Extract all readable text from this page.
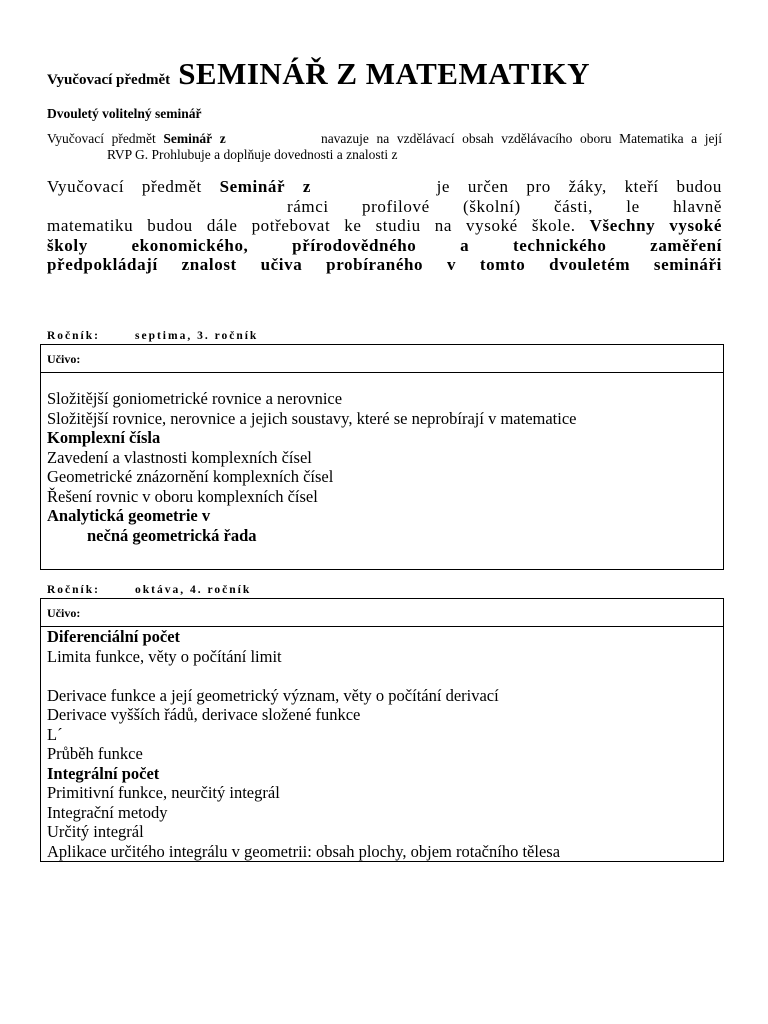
Vyučovací předmět SEMINÁŘ Z MATEMATIKY
Dvouletý volitelný seminář
Vyučovací předmět Seminář z	navazuje na vzdělávací obsah vzdělávacího oboru Matematika a její
RVP G. Prohlubuje a doplňuje dovednosti a znalosti z
Vyučovací předmět Seminář z	je určen pro žáky, kteří budou
rámci profilové (školní) části, le hlavně
matematiku budou dále potřebovat ke studiu na vysoké škole. Všechny vysoké
školy ekonomického, přírodovědného a technického zaměření
předpokládají znalost učiva probíraného v tomto dvouletém semináři
Ročník:	septima, 3. ročník
Učivo:
Složitější goniometrické rovnice a nerovnice
Složitější rovnice, nerovnice a jejich soustavy, které se neprobírají v matematice
Komplexní čísla
Zavedení a vlastnosti komplexních čísel
Geometrické znázornění komplexních čísel
Řešení rovnic v oboru komplexních čísel
Analytická geometrie v
nečná geometrická řada
Ročník:	oktáva, 4. ročník
Učivo:
Diferenciální počet
Limita funkce, věty o počítání limit
Derivace funkce a její geometrický význam, věty o počítání derivací
Derivace vyšších řádů, derivace složené funkce
L´
Průběh funkce
Integrální počet
Primitivní funkce, neurčitý integrál
Integrační metody
Určitý integrál
Aplikace určitého integrálu v geometrii: obsah plochy, objem rotačního tělesa
